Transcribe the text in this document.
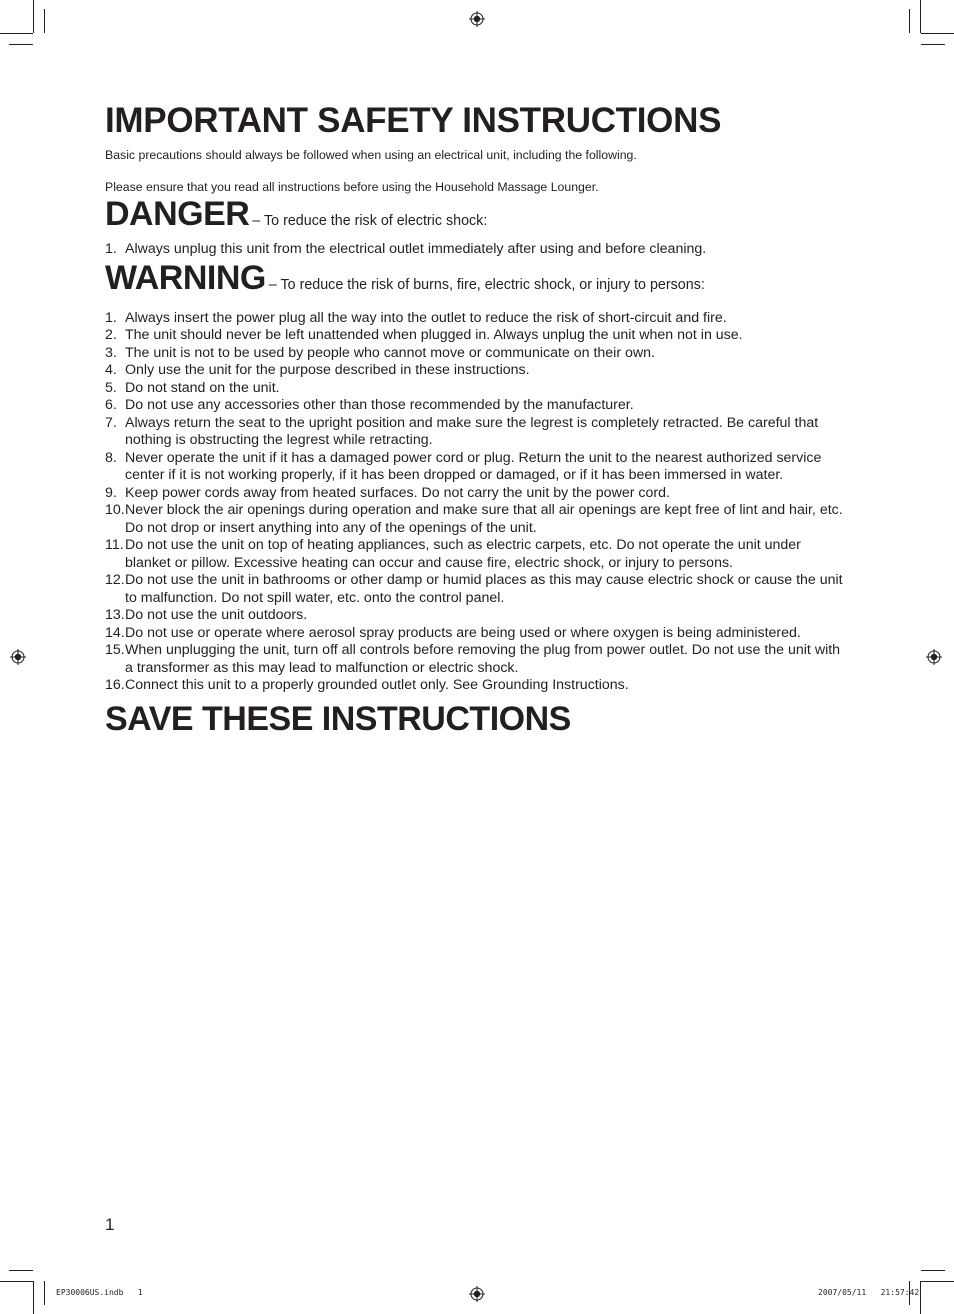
IMPORTANT SAFETY INSTRUCTIONS

Basic precautions should always be followed when using an electrical unit, including the following.

Please ensure that you read all instructions before using the Household Massage Lounger.

DANGER – To reduce the risk of electric shock:
1. Always unplug this unit from the electrical outlet immediately after using and before cleaning.
WARNING – To reduce the risk of burns, fire, electric shock, or injury to persons:
1. Always insert the power plug all the way into the outlet to reduce the risk of short-circuit and fire.
2. The unit should never be left unattended when plugged in. Always unplug the unit when not in use.
3. The unit is not to be used by people who cannot move or communicate on their own.
4. Only use the unit for the purpose described in these instructions.
5. Do not stand on the unit.
6. Do not use any accessories other than those recommended by the manufacturer.
7. Always return the seat to the upright position and make sure the legrest is completely retracted. Be careful that nothing is obstructing the legrest while retracting.
8. Never operate the unit if it has a damaged power cord or plug. Return the unit to the nearest authorized service center if it is not working properly, if it has been dropped or damaged, or if it has been immersed in water.
9. Keep power cords away from heated surfaces. Do not carry the unit by the power cord.
10. Never block the air openings during operation and make sure that all air openings are kept free of lint and hair, etc. Do not drop or insert anything into any of the openings of the unit.
11. Do not use the unit on top of heating appliances, such as electric carpets, etc. Do not operate the unit under blanket or pillow. Excessive heating can occur and cause fire, electric shock, or injury to persons.
12. Do not use the unit in bathrooms or other damp or humid places as this may cause electric shock or cause the unit to malfunction. Do not spill water, etc. onto the control panel.
13. Do not use the unit outdoors.
14. Do not use or operate where aerosol spray products are being used or where oxygen is being administered.
15. When unplugging the unit, turn off all controls before removing the plug from power outlet. Do not use the unit with a transformer as this may lead to malfunction or electric shock.
16. Connect this unit to a properly grounded outlet only. See Grounding Instructions.
SAVE THESE INSTRUCTIONS
1
EP30006US.indb   1	2007/05/11   21:57:42
